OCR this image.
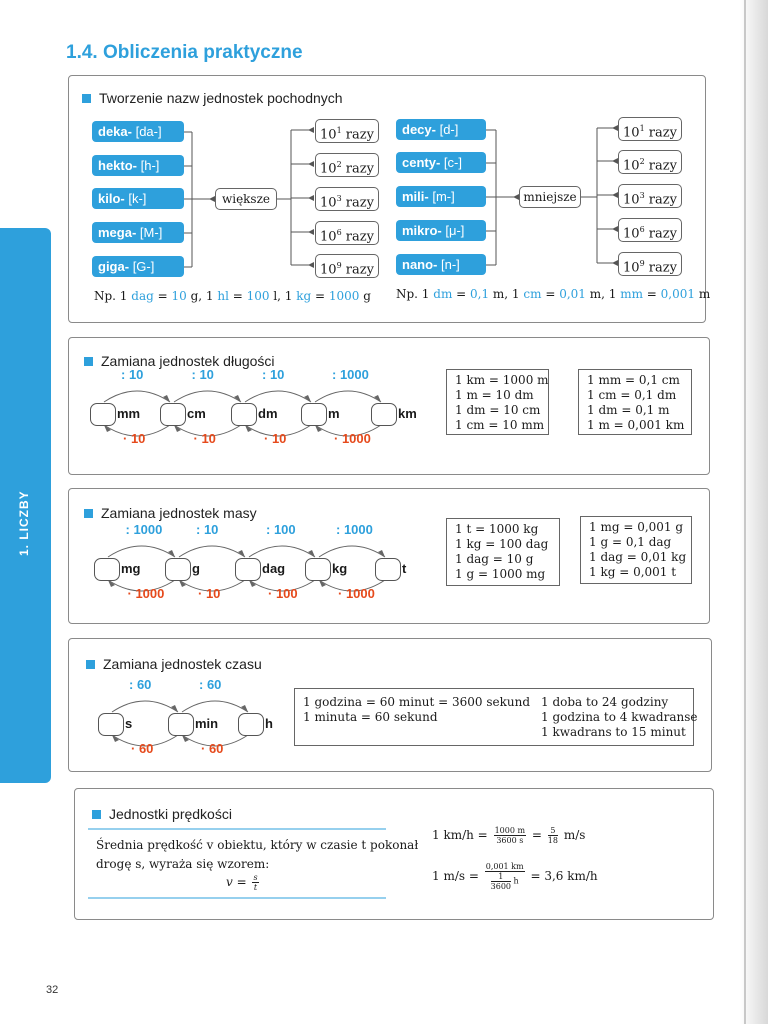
1. LICZBY
1.4. Obliczenia praktyczne
Tworzenie nazw jednostek pochodnych
deka- [da-]
hekto- [h-]
kilo- [k-]
mega- [M-]
giga- [G-]
większe
$10^1$ razy
$10^2$ razy
$10^3$ razy
$10^6$ razy
$10^9$ razy
decy- [d-]
centy- [c-]
mili- [m-]
mikro- [μ-]
nano- [n-]
mniejsze
$10^1$ razy
$10^2$ razy
$10^3$ razy
$10^6$ razy
$10^9$ razy
Np. 1 dag = 10 g, 1 hl = 100 l, 1 kg = 1000 g Np. 1 dm = 0,1 m, 1 cm = 0,01 m, 1 mm = 0,001 m
Zamiana jednostek długości
mm	cm	dm	m	km
: 10
· 10
: 10
· 10
: 10
· 10
: 1000
· 1000
1 km = 1000 m
1 m = 10 dm
1 dm = 10 cm
1 cm = 10 mm
1 mm = 0,1 cm
1 cm = 0,1 dm
1 dm = 0,1 m
1 m = 0,001 km
Zamiana jednostek masy
mg	g	dag	kg	t
: 1000
· 1000
: 10
· 10
: 100
· 100
: 1000
· 1000
1 t = 1000 kg
1 kg = 100 dag
1 dag = 10 g
1 g = 1000 mg
1 mg = 0,001 g
1 g = 0,1 dag
1 dag = 0,01 kg
1 kg = 0,001 t
Zamiana jednostek czasu
s	min	h
: 60
· 60
: 60
· 60
1 godzina = 60 minut = 3600 sekund
1 minuta = 60 sekund
1 doba to 24 godziny
1 godzina to 4 kwadranse
1 kwadrans to 15 minut
Jednostki prędkości
Średnia prędkość v obiektu, który w czasie t pokonał
drogę s, wyraża się wzorem:
$v = \frac{s}{t}$
1 $km/h = \frac{1000 m}{3600 s} = \frac{5}{18} m/s$
1 $m/s = \frac{0,001 km}{\frac{1}{3600} h} = 3,6$ km/h
32
